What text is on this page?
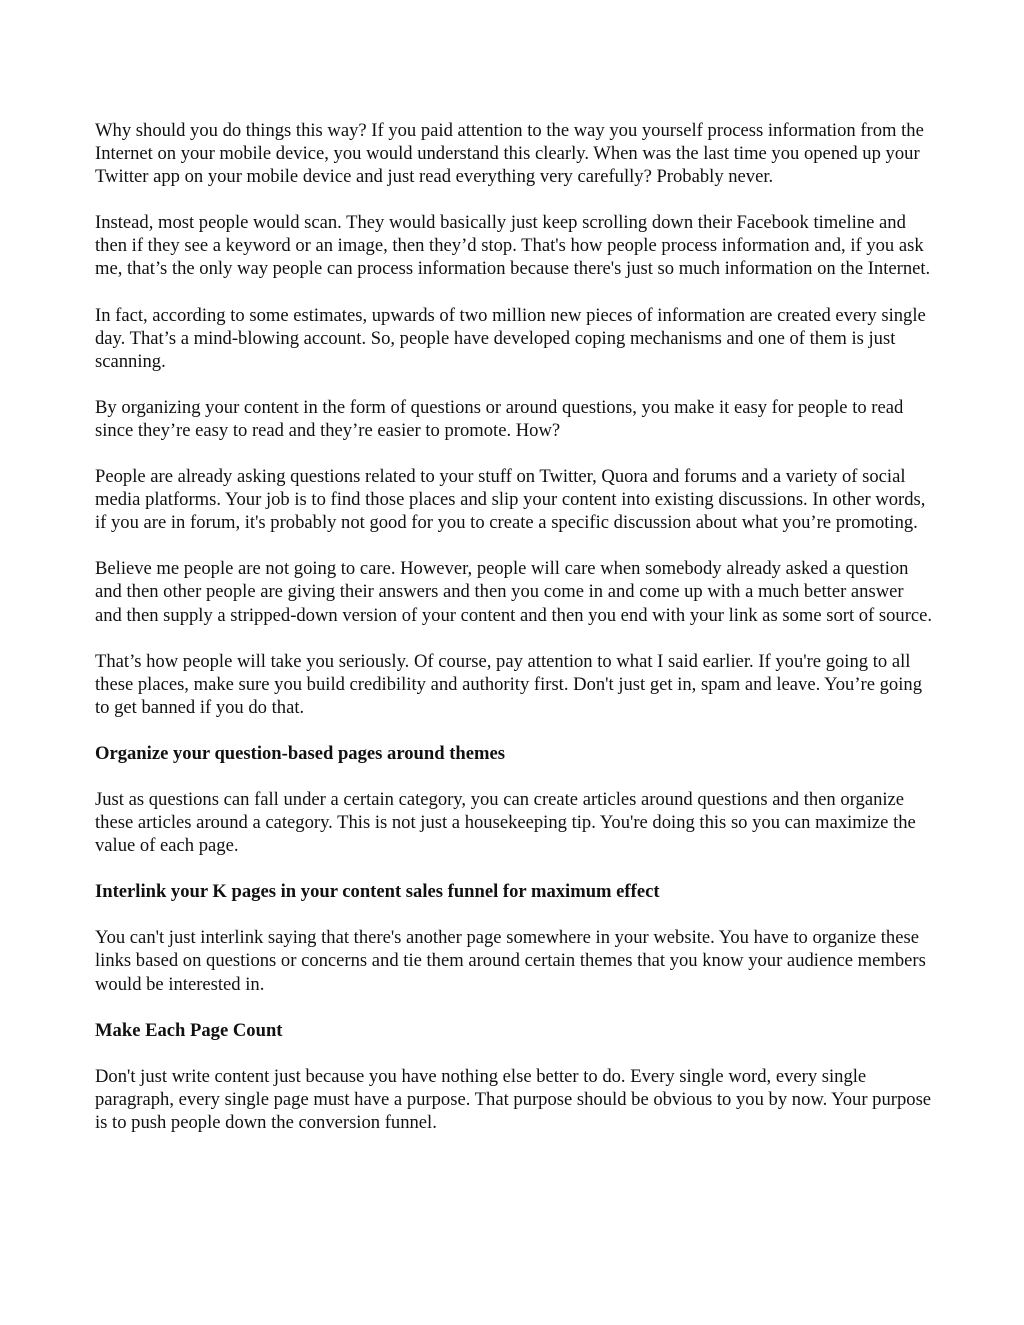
Why should you do things this way? If you paid attention to the way you yourself process information from the Internet on your mobile device, you would understand this clearly. When was the last time you opened up your Twitter app on your mobile device and just read everything very carefully? Probably never.

Instead, most people would scan. They would basically just keep scrolling down their Facebook timeline and then if they see a keyword or an image, then they’d stop. That's how people process information and, if you ask me, that’s the only way people can process information because there's just so much information on the Internet.

In fact, according to some estimates, upwards of two million new pieces of information are created every single day. That’s a mind-blowing account. So, people have developed coping mechanisms and one of them is just scanning.

By organizing your content in the form of questions or around questions, you make it easy for people to read since they’re easy to read and they’re easier to promote. How?

People are already asking questions related to your stuff on Twitter, Quora and forums and a variety of social media platforms. Your job is to find those places and slip your content into existing discussions. In other words, if you are in forum, it's probably not good for you to create a specific discussion about what you’re promoting.

Believe me people are not going to care. However, people will care when somebody already asked a question and then other people are giving their answers and then you come in and come up with a much better answer and then supply a stripped-down version of your content and then you end with your link as some sort of source.

That’s how people will take you seriously. Of course, pay attention to what I said earlier. If you're going to all these places, make sure you build credibility and authority first. Don't just get in, spam and leave. You’re going to get banned if you do that.

Organize your question-based pages around themes

Just as questions can fall under a certain category, you can create articles around questions and then organize these articles around a category. This is not just a housekeeping tip. You're doing this so you can maximize the value of each page.

Interlink your K pages in your content sales funnel for maximum effect

You can't just interlink saying that there's another page somewhere in your website. You have to organize these links based on questions or concerns and tie them around certain themes that you know your audience members would be interested in.

Make Each Page Count

Don't just write content just because you have nothing else better to do. Every single word, every single paragraph, every single page must have a purpose. That purpose should be obvious to you by now. Your purpose is to push people down the conversion funnel.
